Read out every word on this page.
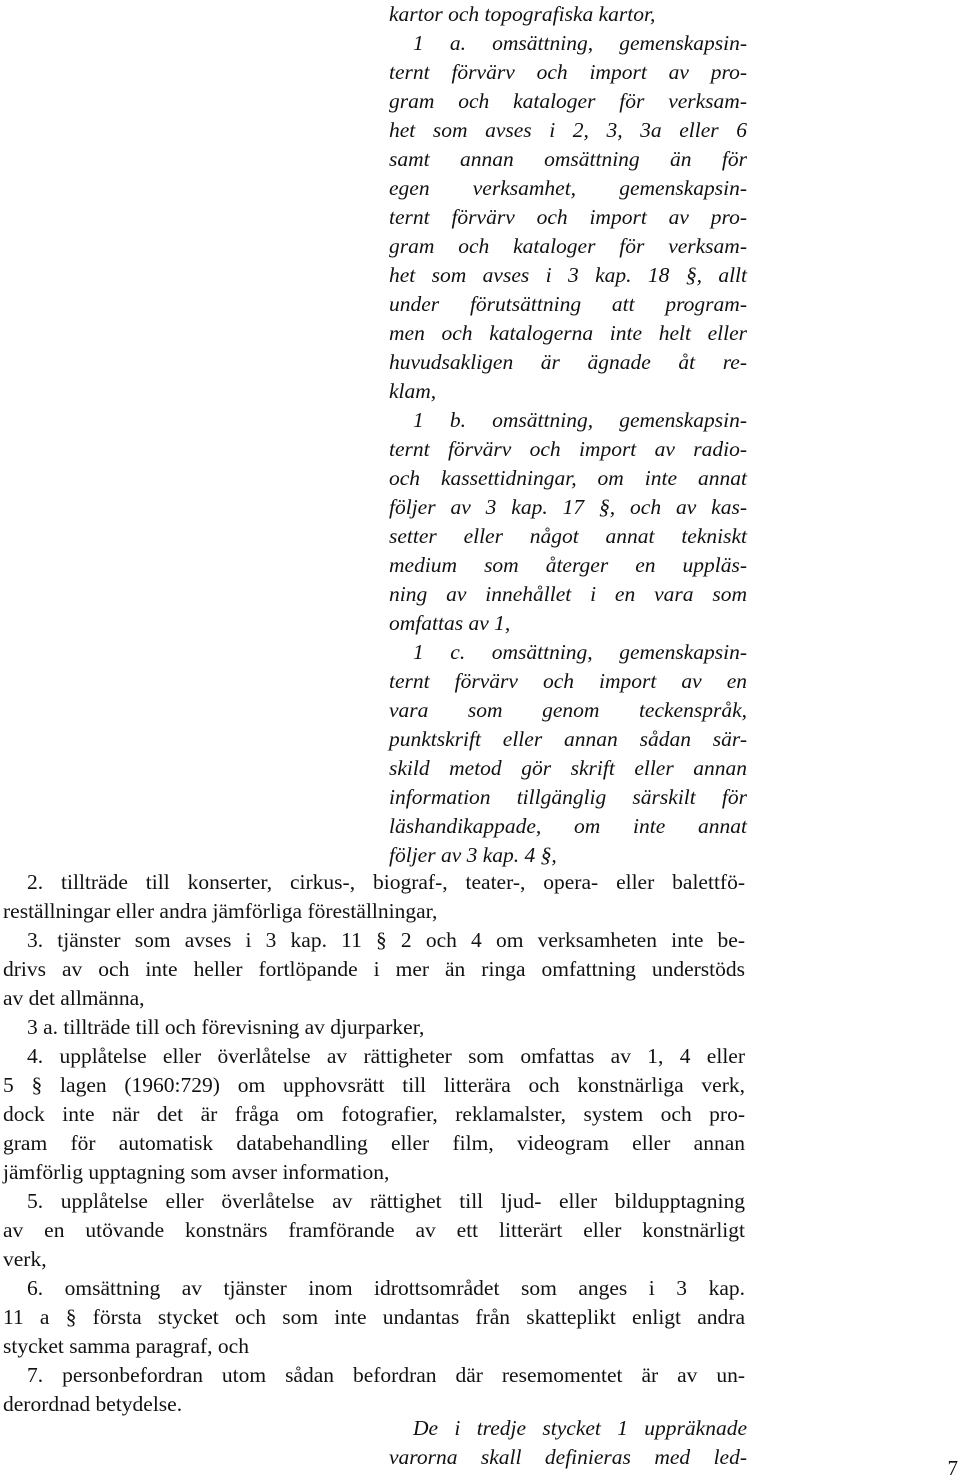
kartor och topografiska kartor,
1 a. omsättning, gemenskapsin-
ternt förvärv och import av pro-
gram och kataloger för verksam-
het som avses i 2, 3, 3a eller 6
samt annan omsättning än för
egen verksamhet, gemenskapsin-
ternt förvärv och import av pro-
gram och kataloger för verksam-
het som avses i 3 kap. 18 §, allt
under förutsättning att program-
men och katalogerna inte helt eller
huvudsakligen är ägnade åt re-
klam,
1 b. omsättning, gemenskapsin-
ternt förvärv och import av radio-
och kassettidningar, om inte annat
följer av 3 kap. 17 §, och av kas-
setter eller något annat tekniskt
medium som återger en uppläs-
ning av innehållet i en vara som
omfattas av 1,
1 c. omsättning, gemenskapsin-
ternt förvärv och import av en
vara som genom teckenspråk,
punktskrift eller annan sådan sär-
skild metod gör skrift eller annan
information tillgänglig särskilt för
läshandikappade, om inte annat
följer av 3 kap. 4 §,
2. tillträde till konserter, cirkus-, biograf-, teater-, opera- eller balettfö-
reställningar eller andra jämförliga föreställningar,
3. tjänster som avses i 3 kap. 11 § 2 och 4 om verksamheten inte be-
drivs av och inte heller fortlöpande i mer än ringa omfattning understöds
av det allmänna,
3 a. tillträde till och förevisning av djurparker,
4. upplåtelse eller överlåtelse av rättigheter som omfattas av 1, 4 eller
5 § lagen (1960:729) om upphovsrätt till litterära och konstnärliga verk,
dock inte när det är fråga om fotografier, reklamalster, system och pro-
gram för automatisk databehandling eller film, videogram eller annan
jämförlig upptagning som avser information,
5. upplåtelse eller överlåtelse av rättighet till ljud- eller bildupptagning
av en utövande konstnärs framförande av ett litterärt eller konstnärligt
verk,
6. omsättning av tjänster inom idrottsområdet som anges i 3 kap.
11 a § första stycket och som inte undantas från skatteplikt enligt andra
stycket samma paragraf, och
7. personbefordran utom sådan befordran där resemomentet är av un-
derordnad betydelse.
De i tredje stycket 1 uppräknade
varorna skall definieras med led-	7
